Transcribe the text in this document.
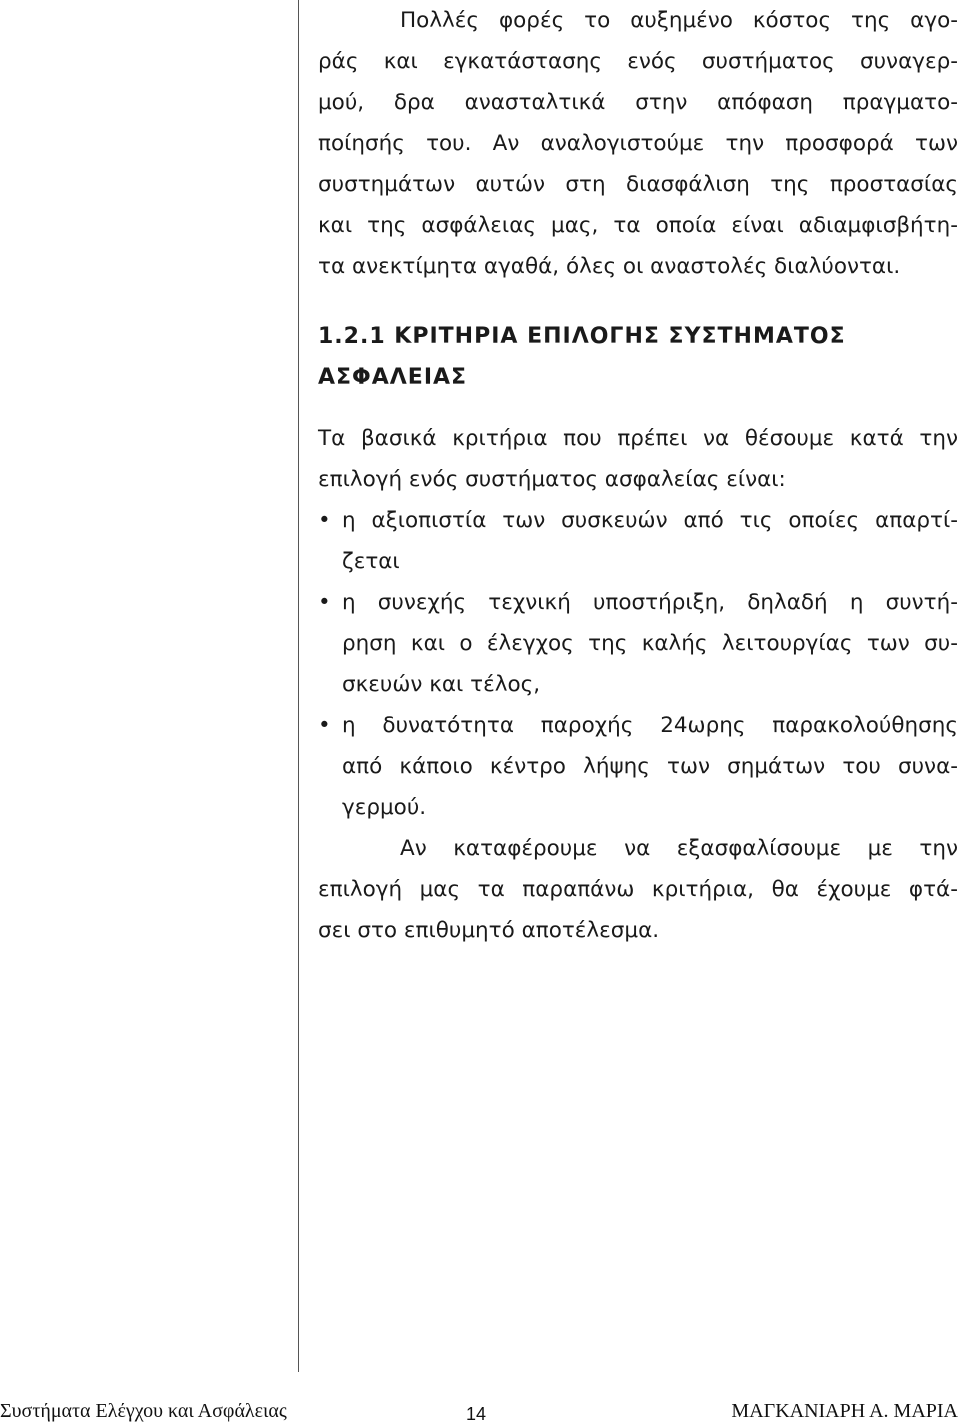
Πολλές φορές το αυξημένο κόστος της αγο-
ράς και εγκατάστασης ενός συστήματος συναγερ-
μού, δρα ανασταλτικά στην απόφαση πραγματο-
ποίησής του. Αν αναλογιστούμε την προσφορά των
συστημάτων αυτών στη διασφάλιση της προστασίας
και της ασφάλειας μας, τα οποία είναι αδιαμφισβήτη-
τα ανεκτίμητα αγαθά, όλες οι αναστολές διαλύονται.
1.2.1 ΚΡΙΤΗΡΙΑ ΕΠΙΛΟΓΗΣ ΣΥΣΤΗΜΑΤΟΣ
ΑΣΦΑΛΕΙΑΣ
Τα βασικά κριτήρια που πρέπει να θέσουμε κατά την
επιλογή ενός συστήματος ασφαλείας είναι:
• η αξιοπιστία των συσκευών από τις οποίες απαρτί-
ζεται
• η συνεχής τεχνική υποστήριξη, δηλαδή η συντή-
ρηση και ο έλεγχος της καλής λειτουργίας των συ-
σκευών και τέλος,
• η δυνατότητα παροχής 24ωρης παρακολούθησης
από κάποιο κέντρο λήψης των σημάτων του συνα-
γερμού.
Αν καταφέρουμε να εξασφαλίσουμε με την
επιλογή μας τα παραπάνω κριτήρια, θα έχουμε φτά-
σει στο επιθυμητό αποτέλεσμα.
Συστήματα Ελέγχου και Ασφάλειας	14	ΜΑΓΚΑΝΙΑΡΗ Α. ΜΑΡΙΑ
